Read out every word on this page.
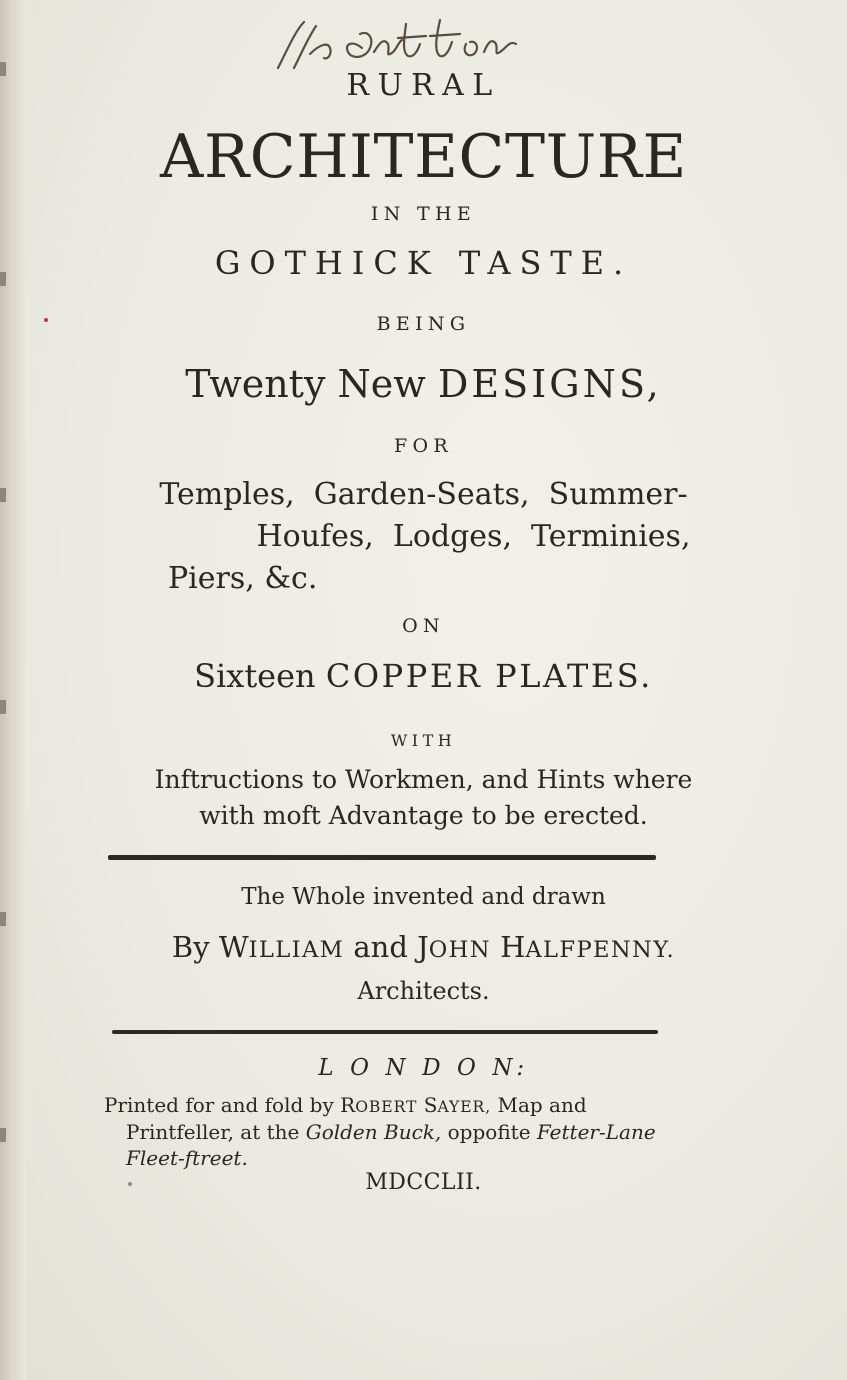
RURAL
ARCHITECTURE
IN THE
GOTHICK TASTE.
BEING
Twenty New DESIGNS,
FOR
Temples,  Garden-Seats,  Summer-
Houfes,  Lodges,  Terminies,
Piers, &c.
ON
Sixteen COPPER PLATES.
WITH
Inftructions to Workmen, and Hints where
with moft Advantage to be erected.
The Whole invented and drawn
By WILLIAM and JOHN HALFPENNY.
Architects.
L O N D O N:
Printed for and fold by ROBERT SAYER, Map and
Printfeller, at the Golden Buck, oppofite Fetter-Lane
Fleet-ftreet.
MDCCLII.
